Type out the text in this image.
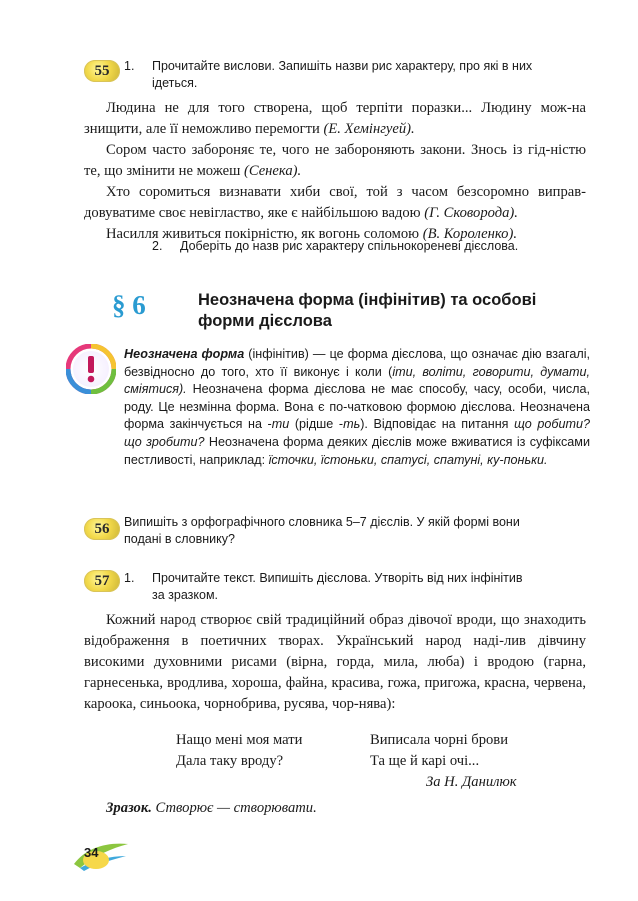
55	1. Прочитайте вислови. Запишіть назви рис характеру, про які в них
ідеться.

Людина не для того створена, щоб терпіти поразки... Людину мож-на знищити, але її неможливо перемогти (Е. Хемінгуей).

Сором часто забороняє те, чого не забороняють закони. Знось із гід-ністю те, що змінити не можеш (Сенека).

Хто соромиться визнавати хиби свої, той з часом безсоромно виправ-довуватиме своє невігластво, яке є найбільшою вадою (Г. Сковорода).

Насилля живиться покірністю, як вогонь соломою (В. Короленко).

2. Доберіть до назв рис характеру спільнокореневі дієслова.
§ 6	Неозначена форма (інфінітив) та особові форми дієслова
Неозначена форма (інфінітив) — це форма дієслова, що означає дію взагалі, безвідносно до того, хто її виконує і коли (іти, воліти, говорити, думати, сміятися). Неозначена форма дієслова не має способу, часу, особи, числа, роду. Це незмінна форма. Вона є по-чатковою формою дієслова. Неозначена форма закінчується на -ти (рідше -ть). Відповідає на питання що робити? що зробити? Неозначена форма деяких дієслів може вживатися із суфіксами пестливості, наприклад: їсточки, їстоньки, спатусі, спатуні, ку-поньки.
56	Випишіть з орфографічного словника 5–7 дієслів. У якій формі вони
подані в словнику?
57	1. Прочитайте текст. Випишіть дієслова. Утворіть від них інфінітив
за зразком.

Кожний народ створює свій традиційний образ дівочої вроди, що знаходить відображення в поетичних творах. Український народ наді-лив дівчину високими духовними рисами (вірна, горда, мила, люба) і вродою (гарна, гарнесенька, вродлива, хороша, файна, красива, гожа, пригожа, красна, червена, кароока, синьоока, чорнобрива, русява, чор-нява):

Нащо мені моя мати
Дала таку вроду?
Виписала чорні брови
Та ще й карі очі...
За Н. Данилюк
Зразок. Створює — створювати.
34
